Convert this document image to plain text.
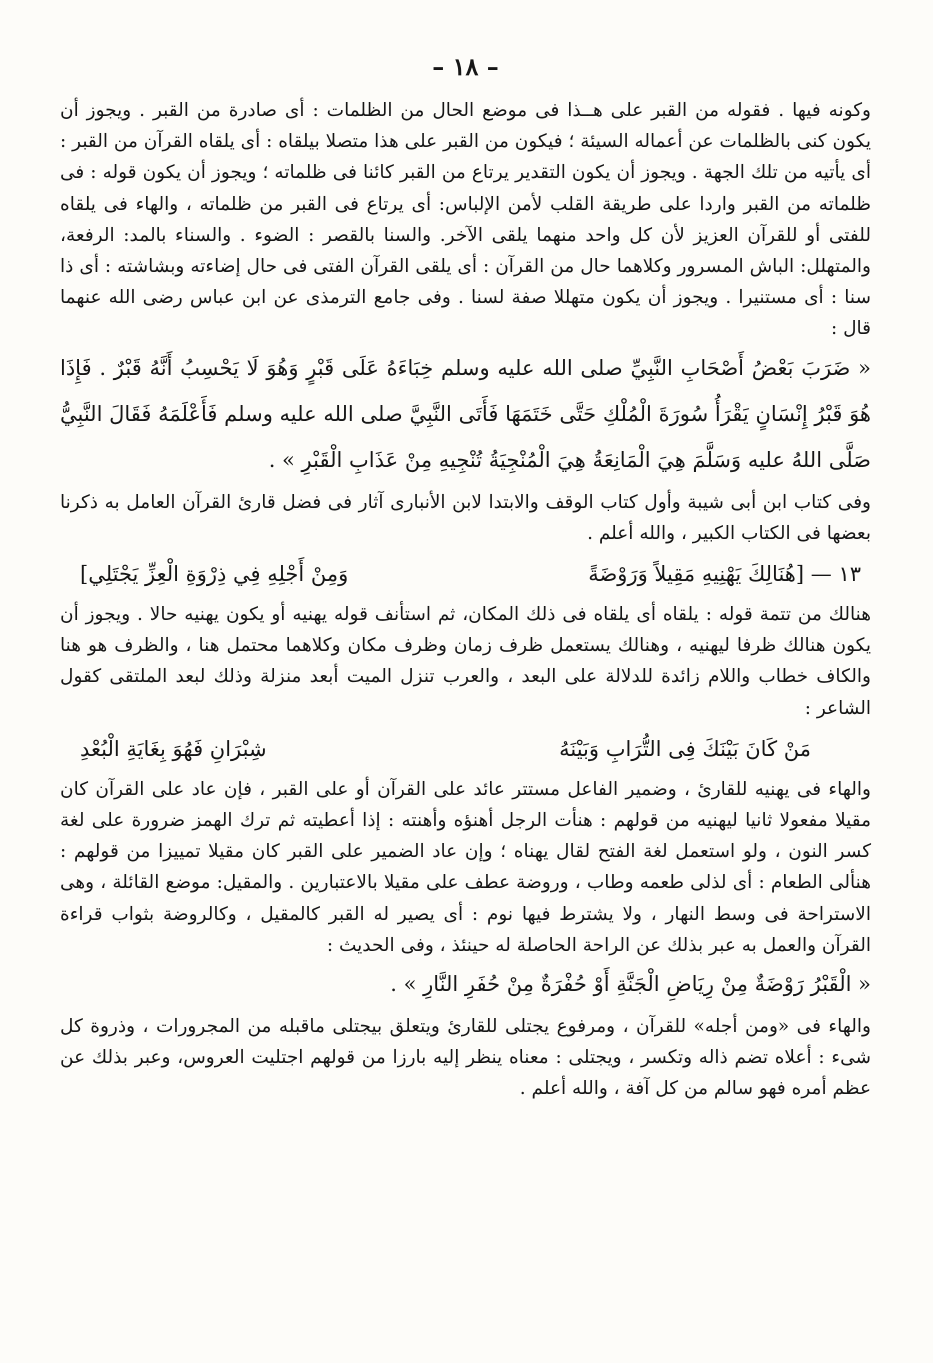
– ١٨ –

وكونه فيها . فقوله من القبر على هــذا فى موضع الحال من الظلمات : أى صادرة من القبر . ويجوز أن يكون كنى بالظلمات عن أعماله السيئة ؛ فيكون من القبر على هذا متصلا بيلقاه : أى يلقاه القرآن من القبر : أى يأتيه من تلك الجهة . ويجوز أن يكون التقدير يرتاع من القبر كائنا فى ظلماته ؛ ويجوز أن يكون قوله : فى ظلماته من القبر واردا على طريقة القلب لأمن الإلباس: أى يرتاع فى القبر من ظلماته ، والهاء فى يلقاه للفتى أو للقرآن العزيز لأن كل واحد منهما يلقى الآخر. والسنا بالقصر : الضوء . والسناء بالمد: الرفعة، والمتهلل: الباش المسرور وكلاهما حال من القرآن : أى يلقى القرآن الفتى فى حال إضاءته وبشاشته : أى ذا سنا : أى مستنيرا . ويجوز أن يكون متهللا صفة لسنا . وفى جامع الترمذى عن ابن عباس رضى الله عنهما قال :

« ضَرَبَ بَعْضُ أَصْحَابِ النَّبِيِّ صلى الله عليه وسلم خِبَاءَهُ عَلَى قَبْرٍ وَهُوَ لَا يَحْسِبُ أَنَّهُ قَبْرٌ . فَإِذَا هُوَ قَبْرُ إِنْسَانٍ يَقْرَأُ سُورَةَ الْمُلْكِ حَتَّى خَتَمَهَا فَأَتَى النَّبِيَّ صلى الله عليه وسلم فَأَعْلَمَهُ فَقَالَ النَّبِيُّ صَلَّى اللهُ عليه وَسَلَّمَ هِيَ الْمَانِعَةُ هِيَ الْمُنْجِيَةُ تُنْجِيهِ مِنْ عَذَابِ الْقَبْرِ » .

وفى كتاب ابن أبى شيبة وأول كتاب الوقف والابتدا لابن الأنبارى آثار فى فضل قارئ القرآن العامل به ذكرنا بعضها فى الكتاب الكبير ، والله أعلم .

١٣ — [هُنَالِكَ يَهْنِيهِ مَقِيلاً وَرَوْضَةً
وَمِنْ أَجْلِهِ فِي ذِرْوَةِ الْعِزِّ يَجْتَلِي]

هنالك من تتمة قوله : يلقاه أى يلقاه فى ذلك المكان، ثم استأنف قوله يهنيه أو يكون يهنيه حالا . ويجوز أن يكون هنالك ظرفا ليهنيه ، وهنالك يستعمل ظرف زمان وظرف مكان وكلاهما محتمل هنا ، والظرف هو هنا والكاف خطاب واللام زائدة للدلالة على البعد ، والعرب تنزل الميت أبعد منزلة وذلك لبعد الملتقى كقول الشاعر :

مَنْ كَانَ بَيْنَكَ فِى التُّرَابِ وَبَيْنَهُ
شِبْرَانِ فَهُوَ بِغَايَةِ الْبُعْدِ

والهاء فى يهنيه للقارئ ، وضمير الفاعل مستتر عائد على القرآن أو على القبر ، فإن عاد على القرآن كان مقيلا مفعولا ثانيا ليهنيه من قولهم : هنأت الرجل أهنؤه وأهنته : إذا أعطيته ثم ترك الهمز ضرورة على لغة كسر النون ، ولو استعمل لغة الفتح لقال يهناه ؛ وإن عاد الضمير على القبر كان مقيلا تمييزا من قولهم : هنألى الطعام : أى لذلى طعمه وطاب ، وروضة عطف على مقيلا بالاعتبارين . والمقيل: موضع القائلة ، وهى الاستراحة فى وسط النهار ، ولا يشترط فيها نوم : أى يصير له القبر كالمقيل ، وكالروضة بثواب قراءة القرآن والعمل به عبر بذلك عن الراحة الحاصلة له حينئذ ، وفى الحديث :

« الْقَبْرُ رَوْضَةٌ مِنْ رِيَاضِ الْجَنَّةِ أَوْ حُفْرَةٌ مِنْ حُفَرِ النَّارِ » .

والهاء فى «ومن أجله» للقرآن ، ومرفوع يجتلى للقارئ ويتعلق بيجتلى ماقبله من المجرورات ، وذروة كل شىء : أعلاه تضم ذاله وتكسر ، ويجتلى : معناه ينظر إليه بارزا من قولهم اجتليت العروس، وعبر بذلك عن عظم أمره فهو سالم من كل آفة ، والله أعلم .
